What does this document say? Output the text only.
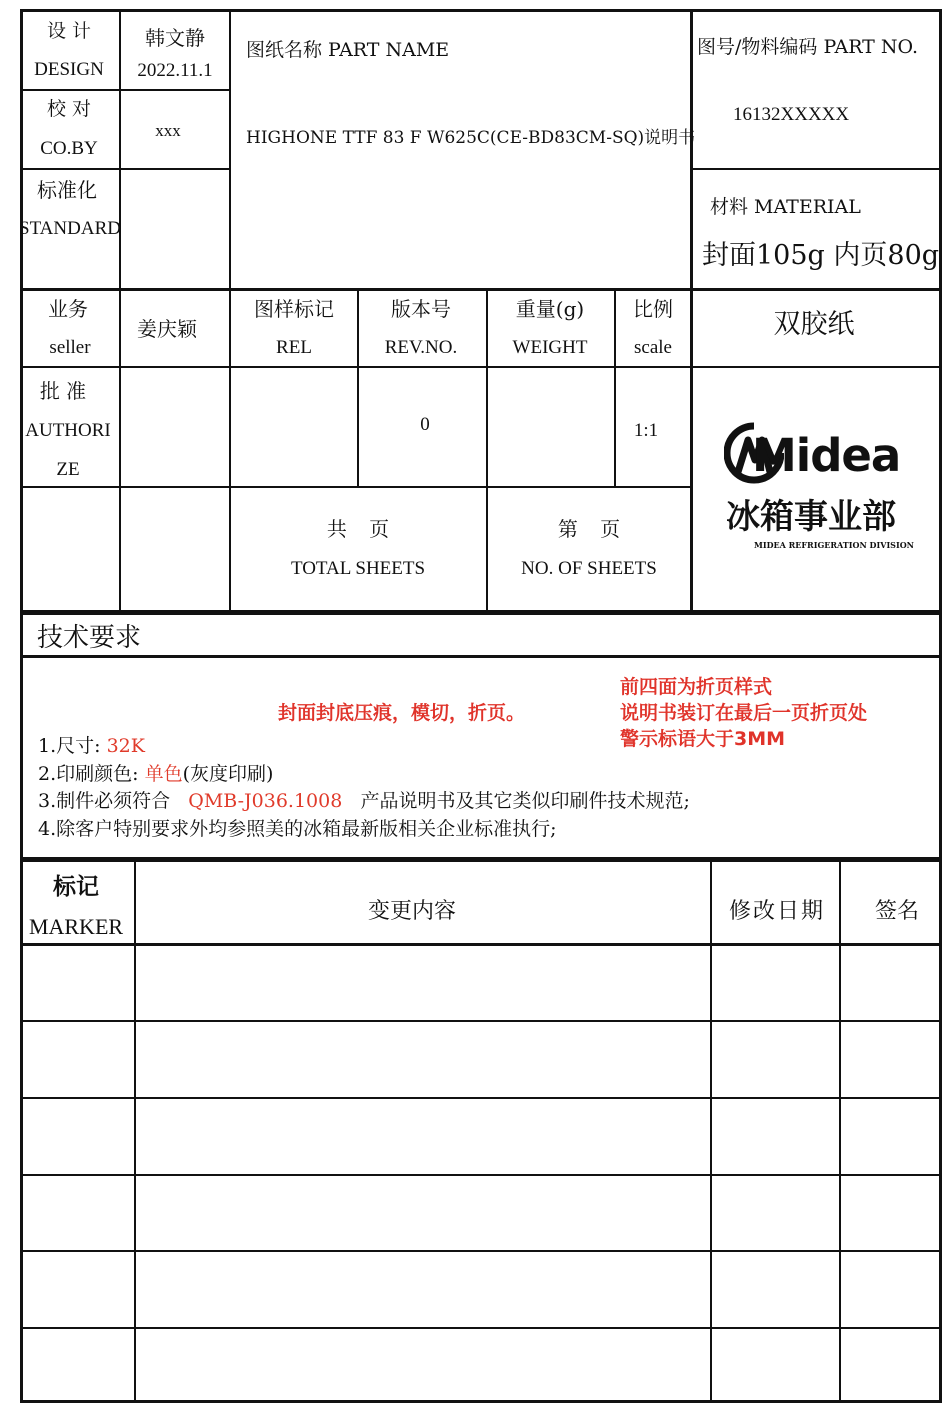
设 计
DESIGN
韩文静
2022.11.1
校 对
CO.BY
xxx
标准化
STANDARD
图纸名称 PART NAME
HIGHONE TTF 83 F W625C(CE-BD83CM-SQ)说明书
图号/物料编码 PART NO.
16132XXXXX
材料 MATERIAL
封面105g 内页80g
双胶纸
业务
seller
姜庆颖
图样标记
REL
版本号
REV.NO.
重量(g)
WEIGHT
比例
scale
批 准
AUTHORI
ZE
0	1:1
共 页
TOTAL SHEETS
第 页
NO. OF SHEETS
Midea
冰箱事业部
MIDEA REFRIGERATION DIVISION
技术要求
封面封底压痕，模切，折页。
前四面为折页样式
说明书装订在最后一页折页处
警示标语大于3MM
1.尺寸: 32K
2.印刷颜色: 单色(灰度印刷)
3.制件必须符合   QMB-J036.1008   产品说明书及其它类似印刷件技术规范;
4.除客户特别要求外均参照美的冰箱最新版相关企业标准执行;
标记
MARKER
变更内容	修改日期 签名
